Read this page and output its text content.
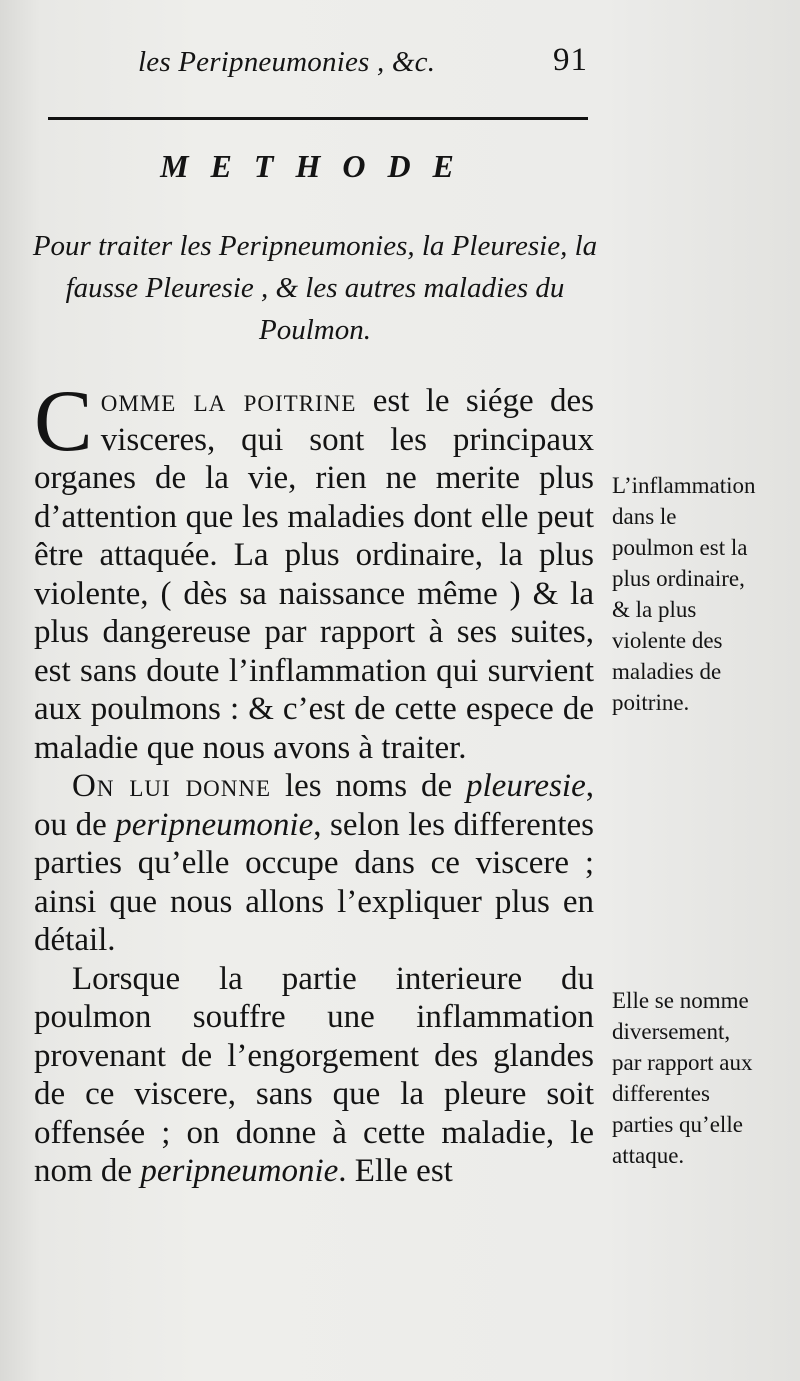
les Peripneumonies , &c.	91
METHODE
Pour traiter les Peripneumonies, la Pleuresie, la fausse Pleuresie , & les autres maladies du Poulmon.

Comme la poitrine est le siége des visceres, qui sont les principaux organes de la vie, rien ne merite plus d’attention que les maladies dont elle peut être attaquée. La plus ordinaire, la plus violente, ( dès sa naissance même ) & la plus dangereuse par rapport à ses suites, est sans doute l’inflammation qui survient aux poulmons : & c’est de cette espece de maladie que nous avons à traiter.

On lui donne les noms de pleuresie, ou de peripneumonie, selon les differentes parties qu’elle occupe dans ce viscere ; ainsi que nous allons l’expliquer plus en détail.

Lorsque la partie interieure du poulmon souffre une inflammation provenant de l’engorgement des glandes de ce viscere, sans que la pleure soit offensée ; on donne à cette maladie, le nom de peripneumonie. Elle est

L’inflammation dans le poulmon est la plus ordinaire, & la plus violente des maladies de poitrine.
Elle se nomme diversement, par rapport aux differentes parties qu’elle attaque.
